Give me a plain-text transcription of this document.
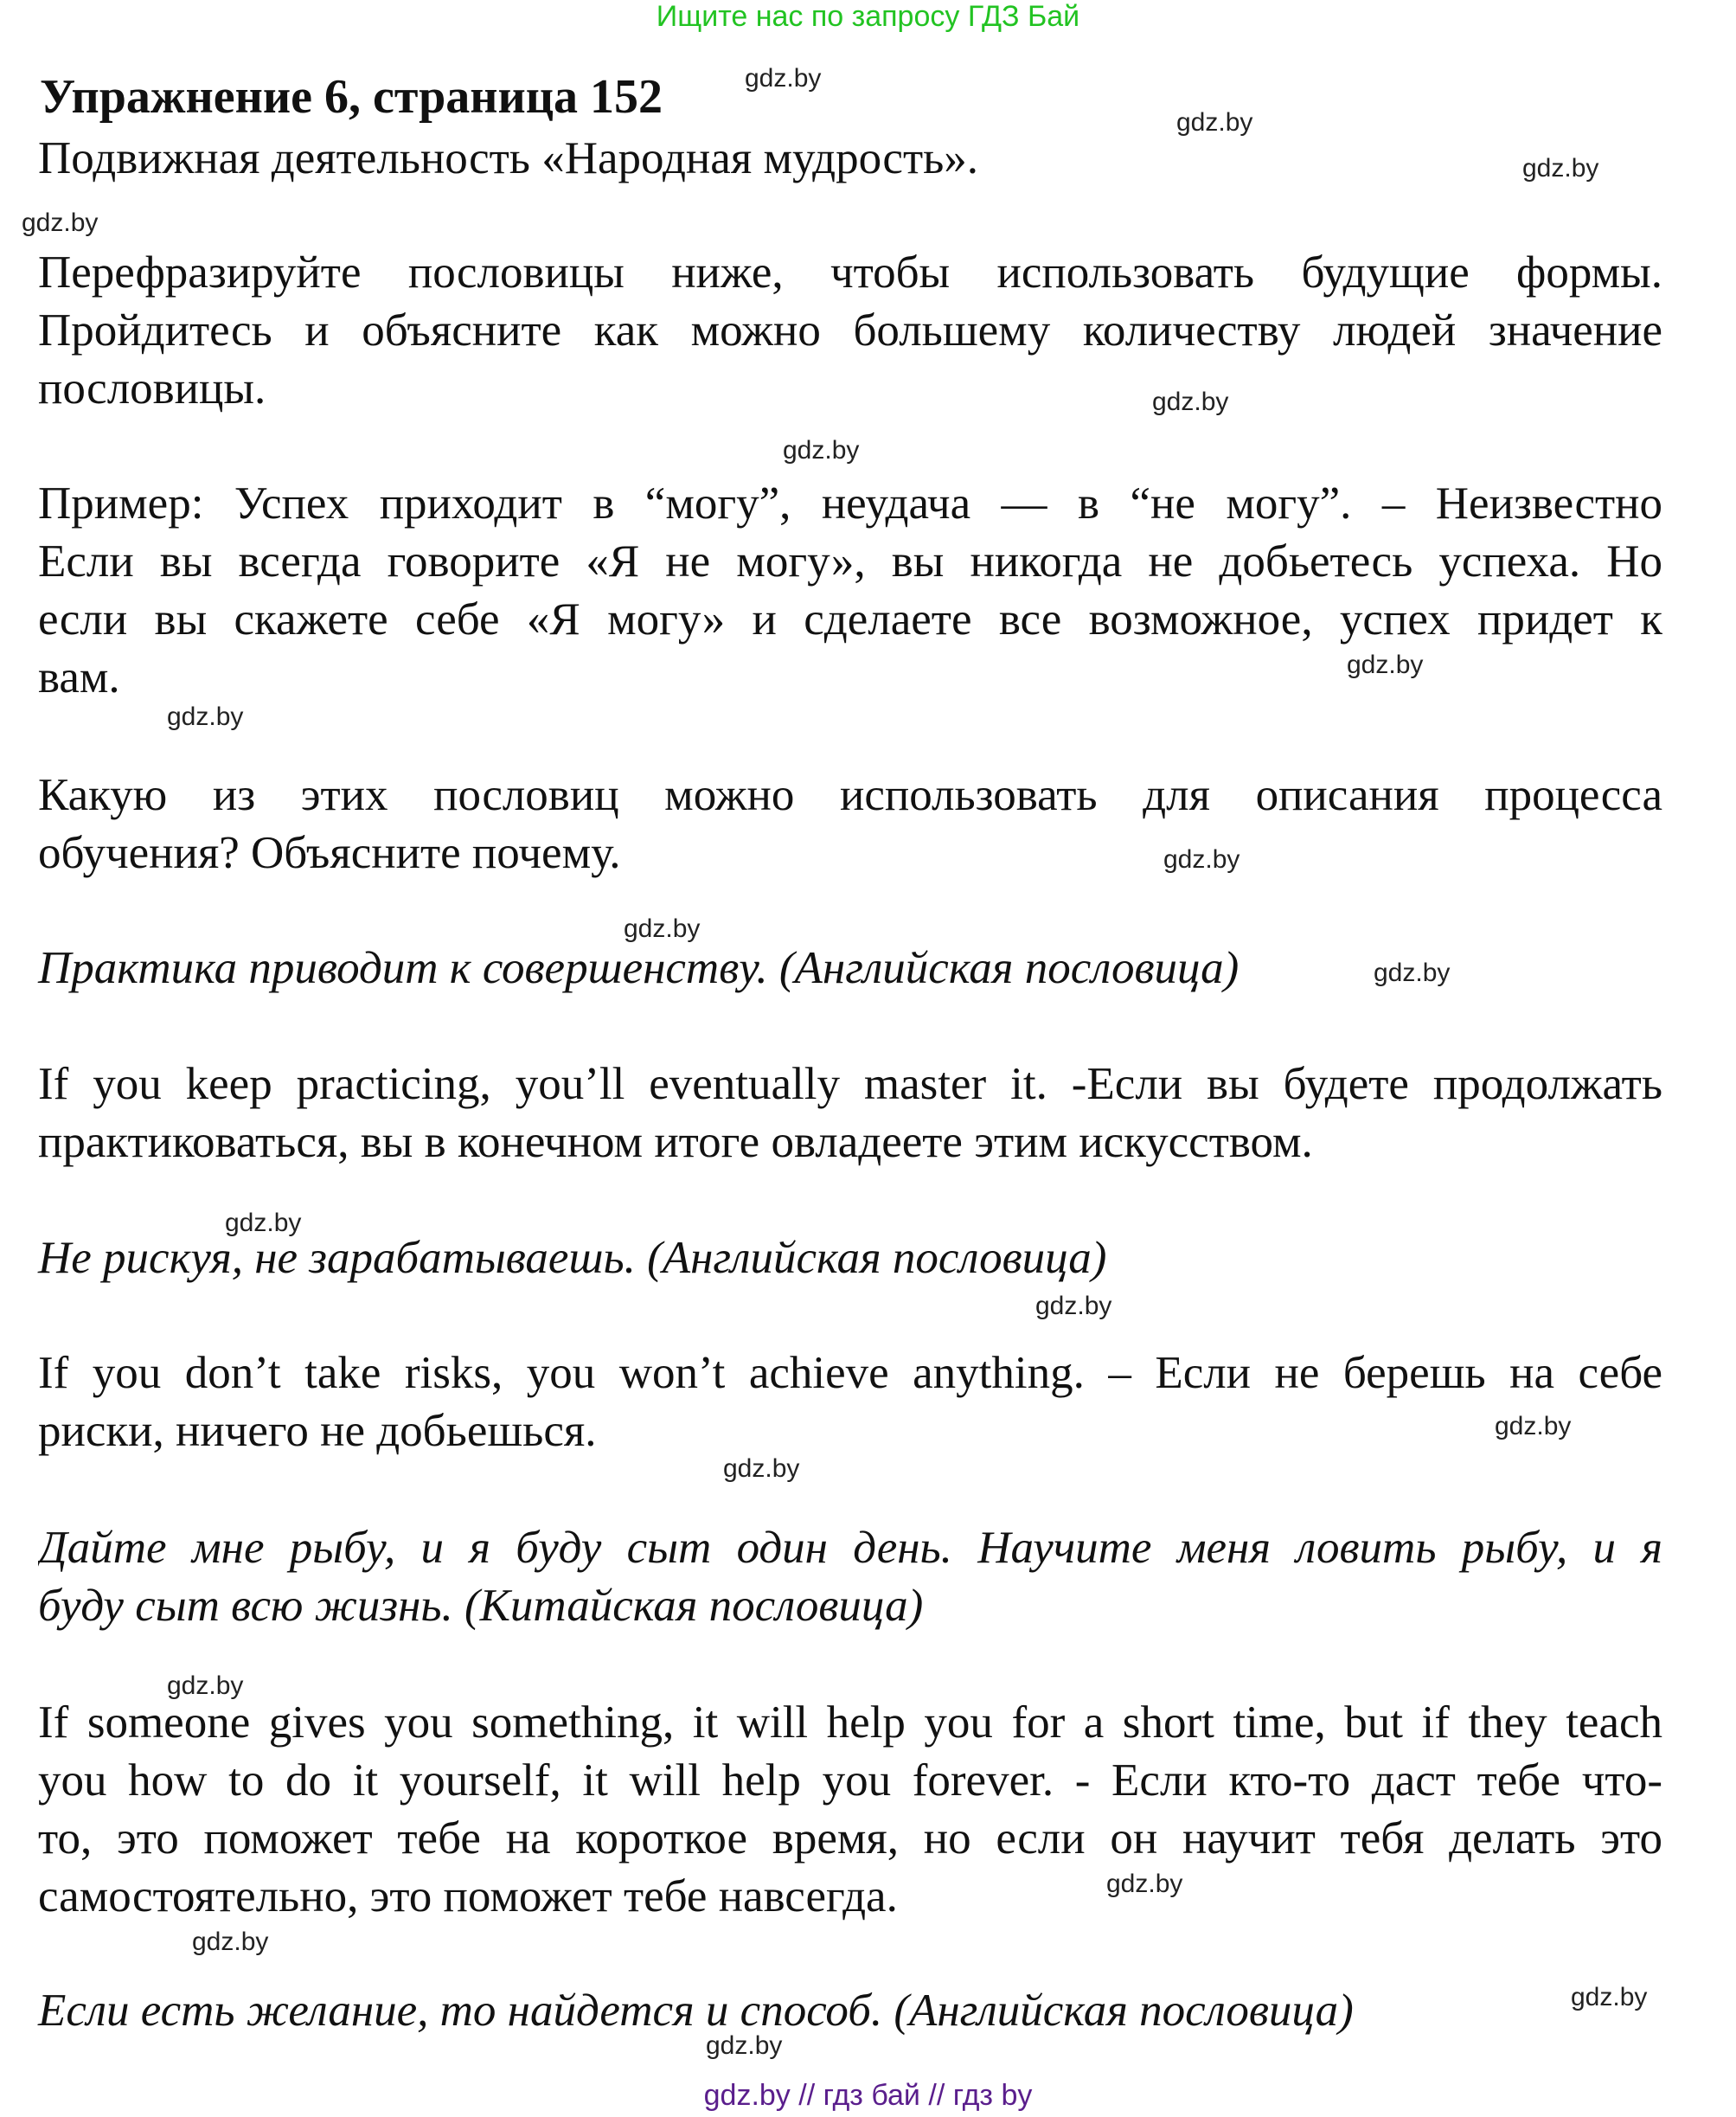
Ищите нас по запросу ГДЗ Бай
Упражнение 6, страница 152
Подвижная деятельность «Народная мудрость».
Перефразируйте пословицы ниже, чтобы использовать будущие формы.
Пройдитесь и объясните как можно большему количеству людей значение
пословицы.
Пример: Успех приходит в “могу”, неудача — в “не могу”. – Неизвестно
Если вы всегда говорите «Я не могу», вы никогда не добьетесь успеха. Но
если вы скажете себе «Я могу» и сделаете все возможное, успех придет к
вам.
Какую из этих пословиц можно использовать для описания процесса
обучения? Объясните почему.
Практика приводит к совершенству. (Английская пословица)
If you keep practicing, you’ll eventually master it. -Если вы будете продолжать
практиковаться, вы в конечном итоге овладеете этим искусством.
Не рискуя, не зарабатываешь. (Английская пословица)
If you don’t take risks, you won’t achieve anything. – Если не берешь на себе
риски, ничего не добьешься.
Дайте мне рыбу, и я буду сыт один день. Научите меня ловить рыбу, и я
буду сыт всю жизнь. (Китайская пословица)
If someone gives you something, it will help you for a short time, but if they teach
you how to do it yourself, it will help you forever. - Если кто-то даст тебе что-
то, это поможет тебе на короткое время, но если он научит тебя делать это
самостоятельно, это поможет тебе навсегда.
Если есть желание, то найдется и способ. (Английская пословица)
gdz.by
gdz.by
gdz.by
gdz.by
gdz.by
gdz.by
gdz.by
gdz.by
gdz.by
gdz.by
gdz.by
gdz.by
gdz.by
gdz.by
gdz.by
gdz.by
gdz.by
gdz.by
gdz.by
gdz.by
gdz.by // гдз бай // гдз by
